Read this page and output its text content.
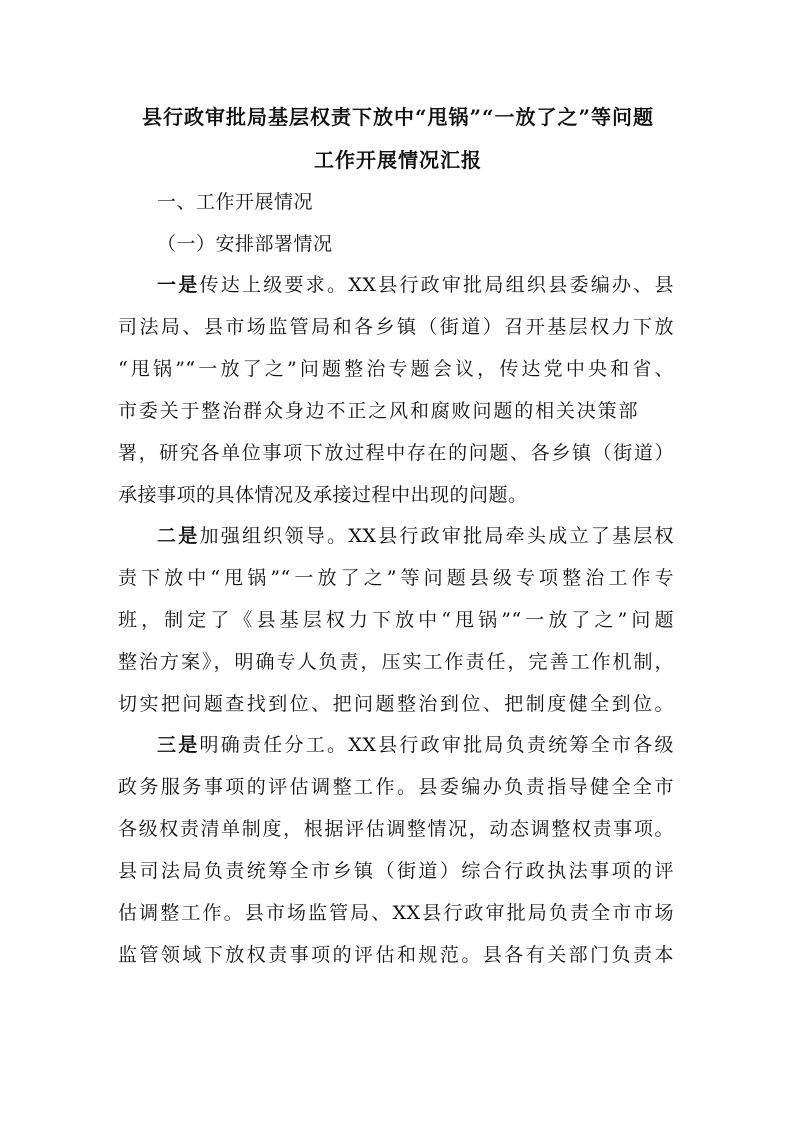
县行政审批局基层权责下放中“甩锅”“一放了之”等问题
工作开展情况汇报
一、工作开展情况
（一）安排部署情况
一是传达上级要求。XX县行政审批局组织县委编办、县
司法局、县市场监管局和各乡镇（街道）召开基层权力下放
“甩锅”“一放了之”问题整治专题会议，传达党中央和省、
市委关于整治群众身边不正之风和腐败问题的相关决策部
署，研究各单位事项下放过程中存在的问题、各乡镇（街道）
承接事项的具体情况及承接过程中出现的问题。
二是加强组织领导。XX县行政审批局牵头成立了基层权
责下放中“甩锅”“一放了之”等问题县级专项整治工作专
班，制定了《县基层权力下放中“甩锅”“一放了之”问题
整治方案》，明确专人负责，压实工作责任，完善工作机制，
切实把问题查找到位、把问题整治到位、把制度健全到位。
三是明确责任分工。XX县行政审批局负责统筹全市各级
政务服务事项的评估调整工作。县委编办负责指导健全全市
各级权责清单制度，根据评估调整情况，动态调整权责事项。
县司法局负责统筹全市乡镇（街道）综合行政执法事项的评
估调整工作。县市场监管局、XX县行政审批局负责全市市场
监管领域下放权责事项的评估和规范。县各有关部门负责本
